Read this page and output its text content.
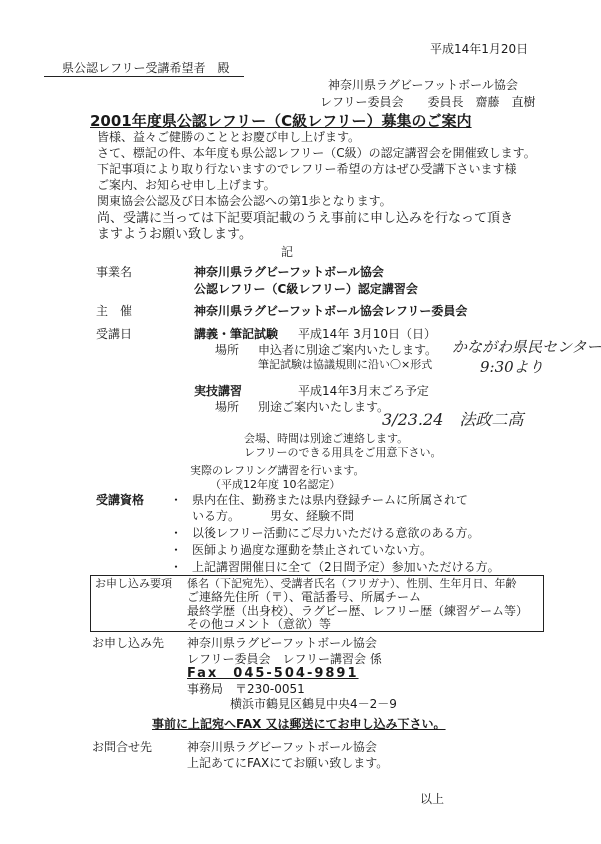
平成14年1月20日
県公認レフリー受講希望者　殿
神奈川県ラグビーフットボール協会
レフリー委員会　　委員長　齋藤　直樹
2001年度県公認レフリー（C級レフリー）募集のご案内
皆様、益々ご健勝のこととお慶び申し上げます。
さて、標記の件、本年度も県公認レフリー（C級）の認定講習会を開催致します。
下記事項により取り行ないますのでレフリー希望の方はぜひ受講下さいます様
ご案内、お知らせ申し上げます。
関東協会公認及び日本協会公認への第1歩となります。
尚、受講に当っては下記要項記載のうえ事前に申し込みを行なって頂き
ますようお願い致します。
記
事業名	神奈川県ラグビーフットボール協会
公認レフリー（C級レフリー）認定講習会
主　催	神奈川県ラグビーフットボール協会レフリー委員会
受講日	講義・筆記試験 平成14年 3月10日（日）
場所 申込者に別途ご案内いたします。
筆記試験は協議規則に沿い〇×形式
かながわ県民センター
9:30より
実技講習	平成14年3月末ごろ予定
場所 別途ご案内いたします。
3/23.24　法政二高
会場、時間は別途ご連絡します。
レフリーのできる用具をご用意下さい。
実際のレフリング講習を行います。
（平成12年度 10名認定）
受講資格 ・ 県内在住、勤務または県内登録チームに所属されて
いる方。　　　男女、経験不問
・ 以後レフリー活動にご尽力いただける意欲のある方。
・ 医師より過度な運動を禁止されていない方。
・ 上記講習開催日に全て（2日間予定）参加いただける方。
お申し込み要項 係名（下記宛先）、受講者氏名（フリガナ）、性別、生年月日、年齢
ご連絡先住所（〒）、電話番号、所属チーム
最終学歴（出身校）、ラグビー歴、レフリー歴（練習ゲーム等）
その他コメント（意欲）等
お申し込み先 神奈川県ラグビーフットボール協会
レフリー委員会　レフリー講習会 係
Fax　045-504-9891
事務局　〒230-0051
横浜市鶴見区鶴見中央4－2－9
事前に上記宛へFAX 又は郵送にてお申し込み下さい。
お問合せ先	神奈川県ラグビーフットボール協会
上記あてにFAXにてお願い致します。
以上
